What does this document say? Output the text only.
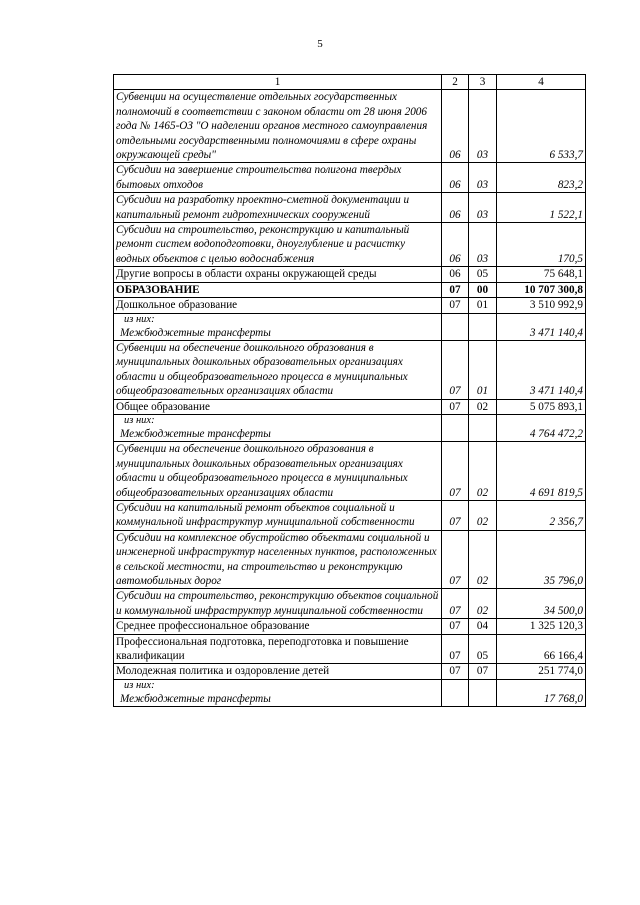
5
1	2	3	4
Субвенции на осуществление отдельных государственных полномочий в соответствии с законом области от 28 июня 2006 года № 1465-ОЗ "О наделении органов местного самоуправления отдельными государственными полномочиями в сфере охраны окружающей среды"	06	03	6 533,7
Субсидии на завершение строительства полигона твердых бытовых отходов	06	03	823,2
Субсидии на разработку проектно-сметной документации и капитальный ремонт гидротехнических сооружений	06	03	1 522,1
Субсидии на строительство, реконструкцию и капитальный ремонт систем водоподготовки, дноуглубление и расчистку водных объектов с целью водоснабжения	06	03	170,5
Другие вопросы в области охраны окружающей среды	06	05	75 648,1
ОБРАЗОВАНИЕ	07	00	10 707 300,8
Дошкольное образование	07	01	3 510 992,9

из них:
Межбюджетные трансферты			3 471 140,4
Субвенции на обеспечение дошкольного образования в муниципальных дошкольных образовательных организациях области и общеобразовательного процесса в муниципальных общеобразовательных организациях области	07	01	3 471 140,4
Общее образование	07	02	5 075 893,1

из них:
Межбюджетные трансферты			4 764 472,2
Субвенции на обеспечение дошкольного образования в муниципальных дошкольных образовательных организациях области и общеобразовательного процесса в муниципальных общеобразовательных организациях области	07	02	4 691 819,5
Субсидии на капитальный ремонт объектов социальной и коммунальной инфраструктур муниципальной собственности	07	02	2 356,7
Субсидии на комплексное обустройство объектами социальной и инженерной инфраструктур населенных пунктов, расположенных в сельской местности, на строительство и реконструкцию автомобильных дорог	07	02	35 796,0
Субсидии на строительство, реконструкцию объектов социальной и коммунальной инфраструктур муниципальной собственности	07	02	34 500,0
Среднее профессиональное образование	07	04	1 325 120,3
Профессиональная подготовка, переподготовка и повышение квалификации	07	05	66 166,4
Молодежная политика и оздоровление детей	07	07	251 774,0

из них:
Межбюджетные трансферты			17 768,0
